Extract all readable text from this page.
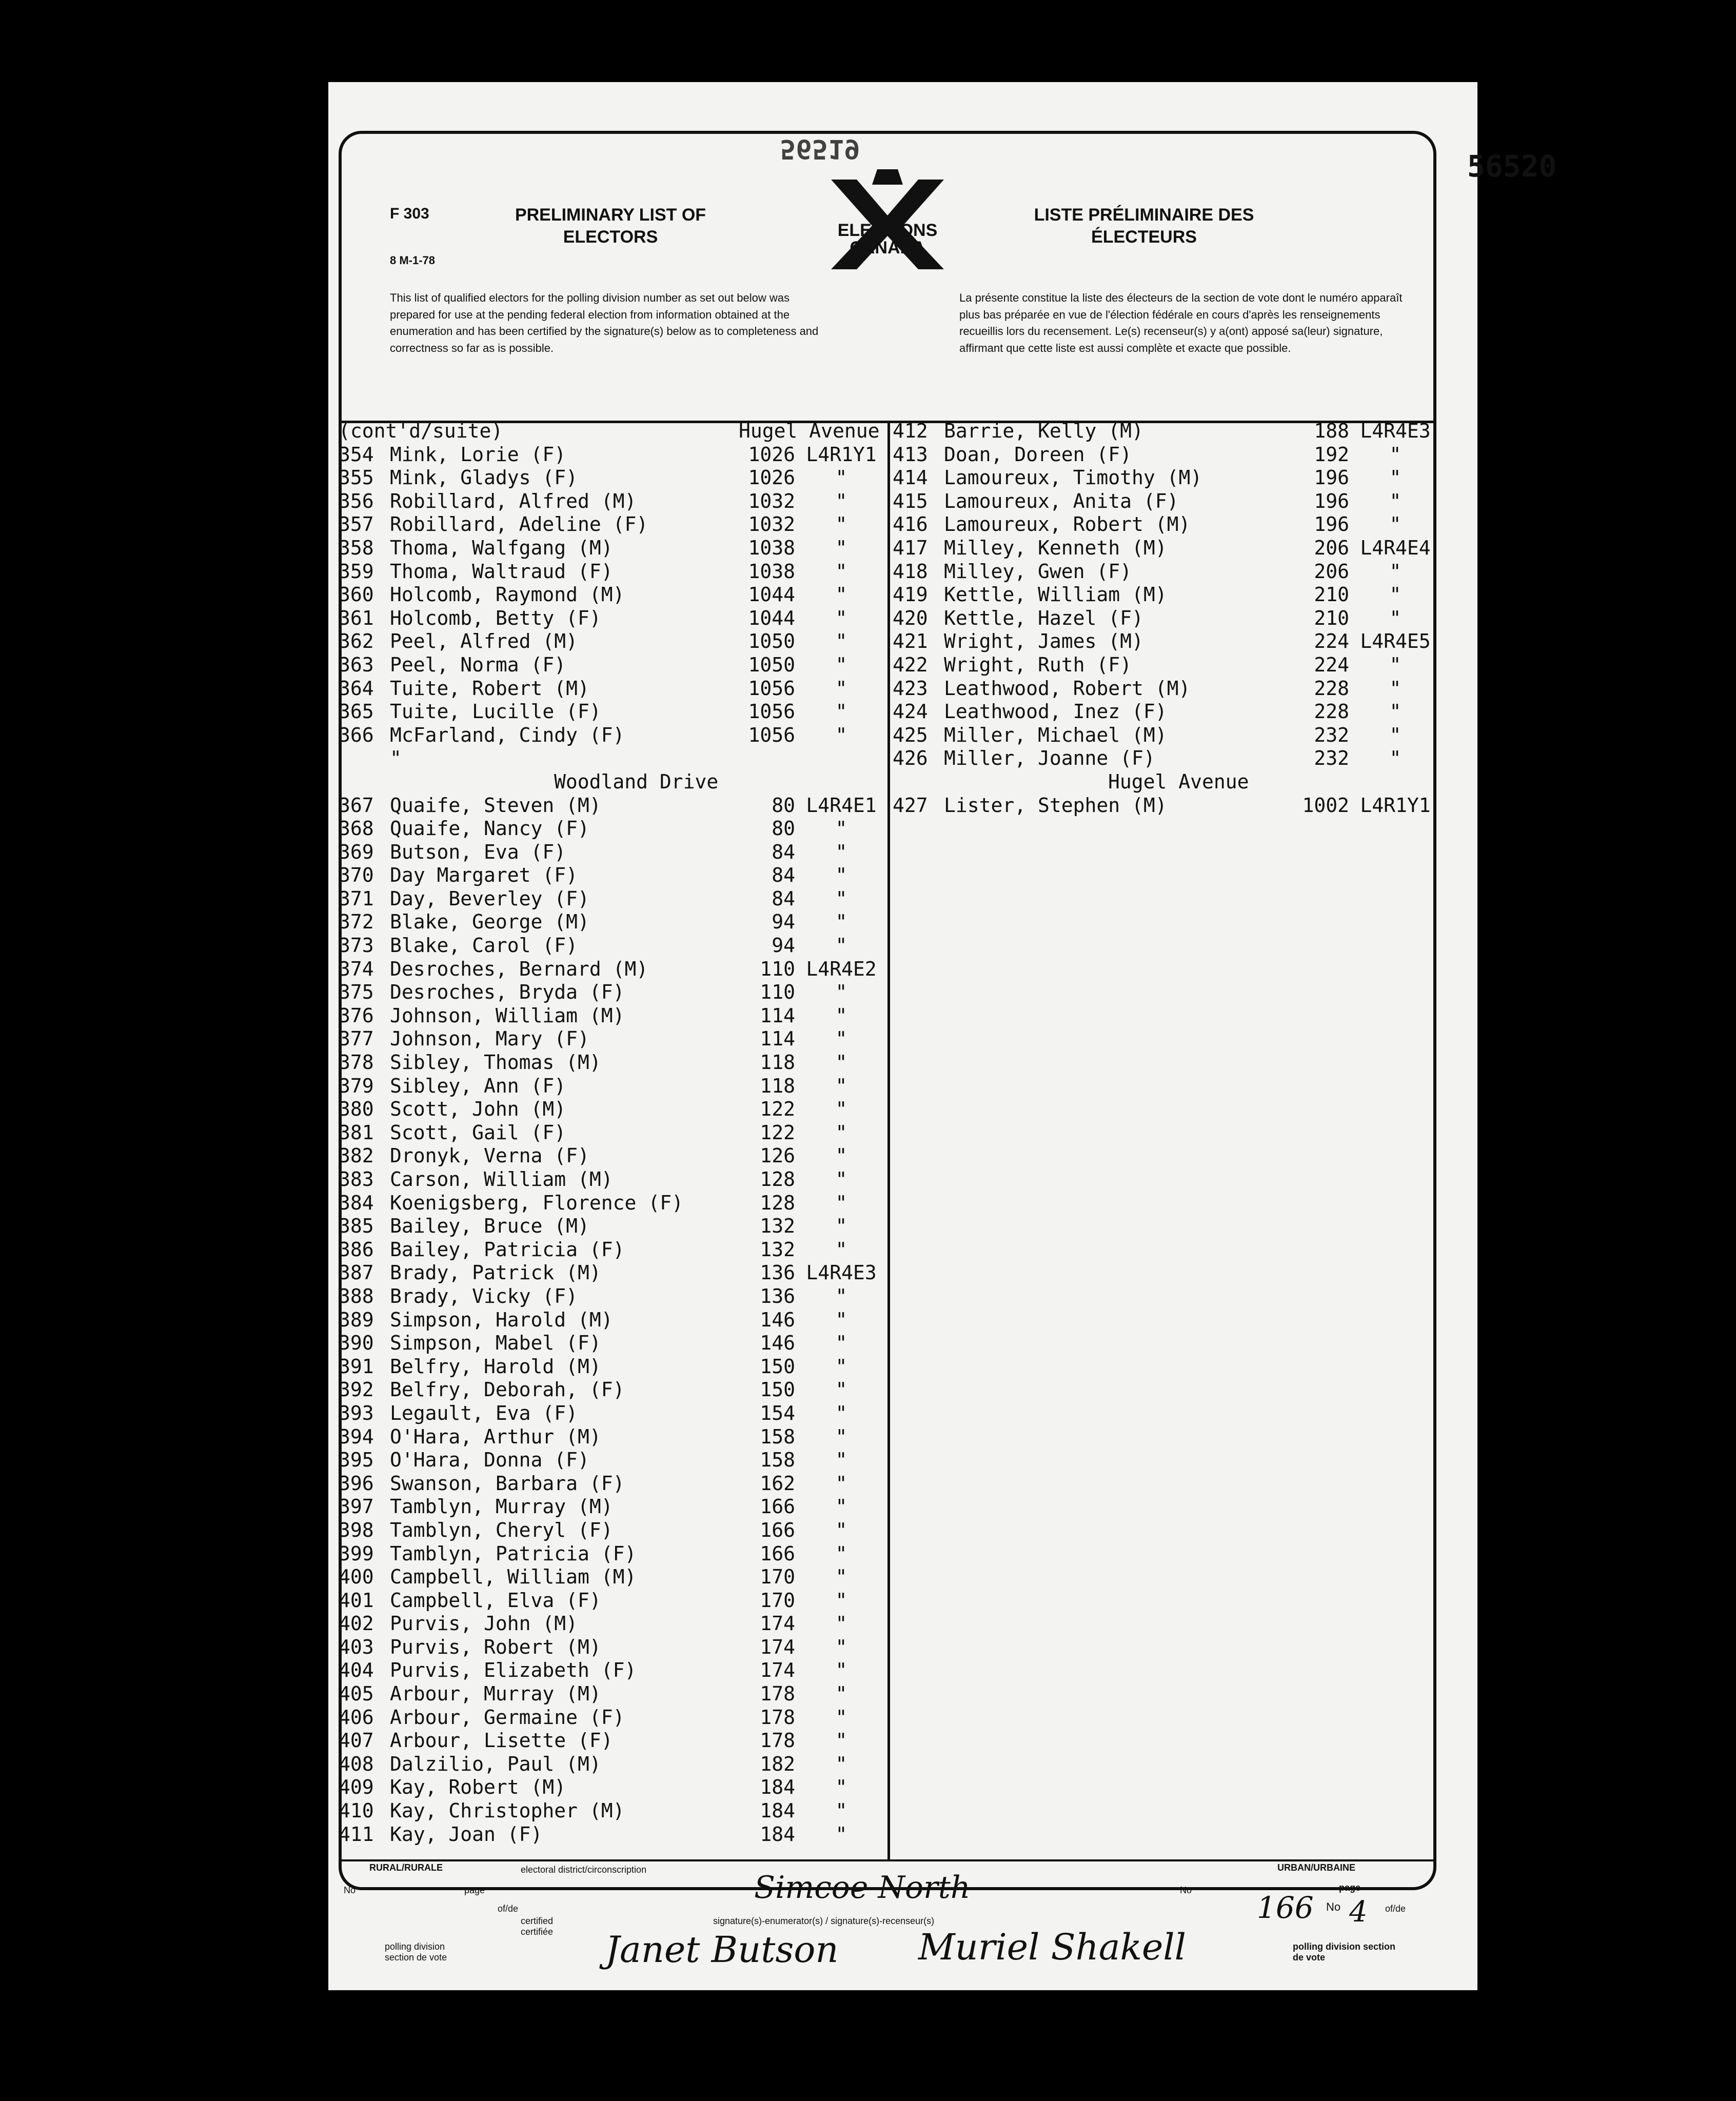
56519	56520
F 303
8 M-1-78
PRELIMINARY LIST OF ELECTORS
LISTE PRÉLIMINAIRE DES ÉLECTEURS
ELECTIONS
CANADA
This list of qualified electors for the polling division number as set out below was prepared for use at the pending federal election from information obtained at the enumeration and has been certified by the signature(s) below as to completeness and correctness so far as is possible.
La présente constitue la liste des électeurs de la section de vote dont le numéro apparaît plus bas préparée en vue de l'élection fédérale en cours d'après les renseignements recueillis lors du recensement. Le(s) recenseur(s) y a(ont) apposé sa(leur) signature, affirmant que cette liste est aussi complète et exacte que possible.
(cont'd/suite)	Hugel Avenue
354 Mink, Lorie (F)	1026 L4R1Y1
355 Mink, Gladys (F)	1026	"
356 Robillard, Alfred (M)	1032	"
357 Robillard, Adeline (F)	1032	"
358 Thoma, Walfgang (M)	1038	"
359 Thoma, Waltraud (F)	1038	"
360 Holcomb, Raymond (M)	1044	"
361 Holcomb, Betty (F)	1044	"
362 Peel, Alfred (M)	1050	"
363 Peel, Norma (F)	1050	"
364 Tuite, Robert (M)	1056	"
365 Tuite, Lucille (F)	1056	"
366 McFarland, Cindy (F)	1056	"
"
Woodland Drive
367 Quaife, Steven (M)	80 L4R4E1
368 Quaife, Nancy (F)	80	"
369 Butson, Eva (F)	84	"
370 Day Margaret (F)	84	"
371 Day, Beverley (F)	84	"
372 Blake, George (M)	94	"
373 Blake, Carol (F)	94	"
374 Desroches, Bernard (M)	110 L4R4E2
375 Desroches, Bryda (F)	110	"
376 Johnson, William (M)	114	"
377 Johnson, Mary (F)	114	"
378 Sibley, Thomas (M)	118	"
379 Sibley, Ann (F)	118	"
380 Scott, John (M)	122	"
381 Scott, Gail (F)	122	"
382 Dronyk, Verna (F)	126	"
383 Carson, William (M)	128	"
384 Koenigsberg, Florence (F)	128	"
385 Bailey, Bruce (M)	132	"
386 Bailey, Patricia (F)	132	"
387 Brady, Patrick (M)	136 L4R4E3
388 Brady, Vicky (F)	136	"
389 Simpson, Harold (M)	146	"
390 Simpson, Mabel (F)	146	"
391 Belfry, Harold (M)	150	"
392 Belfry, Deborah, (F)	150	"
393 Legault, Eva (F)	154	"
394 O'Hara, Arthur (M)	158	"
395 O'Hara, Donna (F)	158	"
396 Swanson, Barbara (F)	162	"
397 Tamblyn, Murray (M)	166	"
398 Tamblyn, Cheryl (F)	166	"
399 Tamblyn, Patricia (F)	166	"
400 Campbell, William (M)	170	"
401 Campbell, Elva (F)	170	"
402 Purvis, John (M)	174	"
403 Purvis, Robert (M)	174	"
404 Purvis, Elizabeth (F)	174	"
405 Arbour, Murray (M)	178	"
406 Arbour, Germaine (F)	178	"
407 Arbour, Lisette (F)	178	"
408 Dalzilio, Paul (M)	182	"
409 Kay, Robert (M)	184	"
410 Kay, Christopher (M)	184	"
411 Kay, Joan (F)	184	"
412 Barrie, Kelly (M)	188 L4R4E3
413 Doan, Doreen (F)	192	"
414 Lamoureux, Timothy (M)	196	"
415 Lamoureux, Anita (F)	196	"
416 Lamoureux, Robert (M)	196	"
417 Milley, Kenneth (M)	206 L4R4E4
418 Milley, Gwen (F)	206	"
419 Kettle, William (M)	210	"
420 Kettle, Hazel (F)	210	"
421 Wright, James (M)	224 L4R4E5
422 Wright, Ruth (F)	224	"
423 Leathwood, Robert (M)	228	"
424 Leathwood, Inez (F)	228	"
425 Miller, Michael (M)	232	"
426 Miller, Joanne (F)	232	"
Hugel Avenue
427 Lister, Stephen (M)	1002 L4R1Y1
RURAL/RURALE
No	page
of/de
electoral district/circonscription	Simcoe North
certified certifiée
signature(s)-enumerator(s) / signature(s)-recenseur(s)
Janet Butson Muriel Shakell
polling division section de vote
URBAN/URBAINE
No	page
166 No 4 of/de
polling division section de vote
